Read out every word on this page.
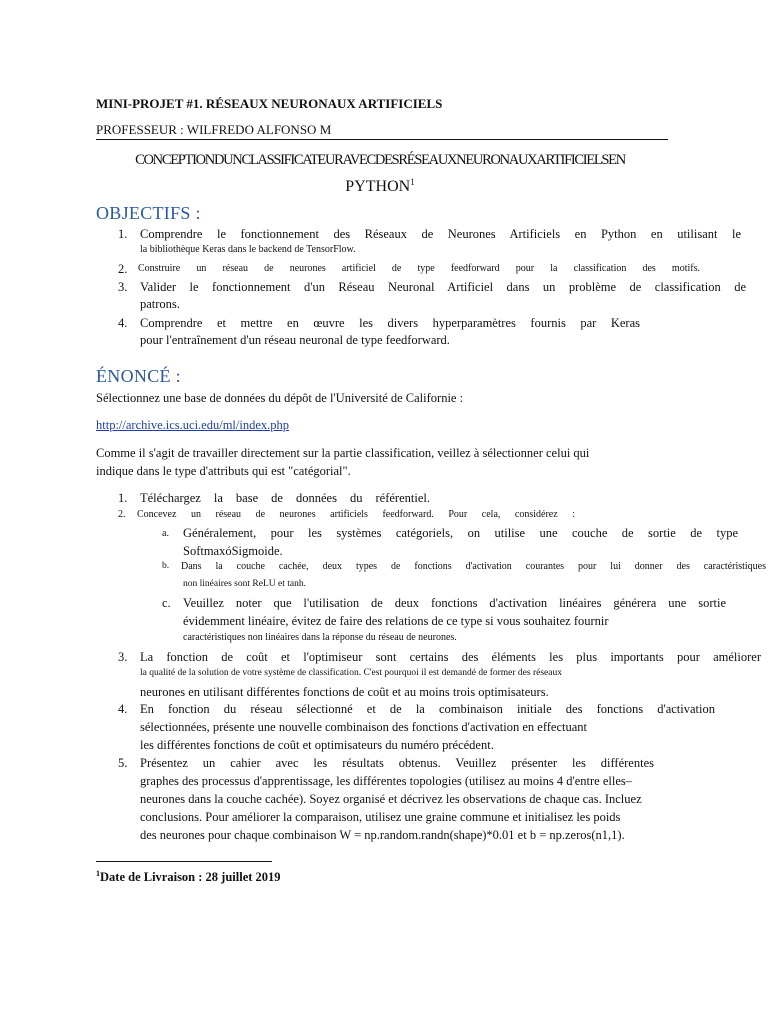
MINI-PROJET #1. RÉSEAUX NEURONAUX ARTIFICIELS
PROFESSEUR : WILFREDO ALFONSO M
CONCEPTIONDUNCLASSIFICATEURAVECDESRÉSEAUXNEURONAUXARTIFICIELSEN
PYTHON$^1$
OBJECTIFS :
1. Comprendre le fonctionnement des Réseaux de Neurones Artificiels en Python en utilisant le
la bibliothèque Keras dans le backend de TensorFlow.
2. Construire un réseau de neurones artificiel de type feedforward pour la classification des motifs.
3. Valider le fonctionnement d'un Réseau Neuronal Artificiel dans un problème de classification de
patrons.
4. Comprendre et mettre en œuvre les divers hyperparamètres fournis par Keras
pour l'entraînement d'un réseau neuronal de type feedforward.
ÉNONCÉ :
Sélectionnez une base de données du dépôt de l'Université de Californie :
http://archive.ics.uci.edu/ml/index.php
Comme il s'agit de travailler directement sur la partie classification, veillez à sélectionner celui qui
indique dans le type d'attributs qui est "catégorial".
1. Téléchargez la base de données du référentiel.
2. Concevez un réseau de neurones artificiels feedforward. Pour cela, considérez :
a. Généralement, pour les systèmes catégoriels, on utilise une couche de sortie de type
SoftmaxóSigmoide.
b. Dans la couche cachée, deux types de fonctions d'activation courantes pour lui donner des caractéristiques
non linéaires sont ReLU et tanh.
c. Veuillez noter que l'utilisation de deux fonctions d'activation linéaires générera une sortie
évidemment linéaire, évitez de faire des relations de ce type si vous souhaitez fournir
caractéristiques non linéaires dans la réponse du réseau de neurones.
3. La fonction de coût et l'optimiseur sont certains des éléments les plus importants pour améliorer
la qualité de la solution de votre système de classification. C'est pourquoi il est demandé de former des réseaux
neurones en utilisant différentes fonctions de coût et au moins trois optimisateurs.
4. En fonction du réseau sélectionné et de la combinaison initiale des fonctions d'activation
sélectionnées, présente une nouvelle combinaison des fonctions d'activation en effectuant
les différentes fonctions de coût et optimisateurs du numéro précédent.
5. Présentez un cahier avec les résultats obtenus. Veuillez présenter les différentes
graphes des processus d'apprentissage, les différentes topologies (utilisez au moins 4 d'entre elles–
neurones dans la couche cachée). Soyez organisé et décrivez les observations de chaque cas. Incluez
conclusions. Pour améliorer la comparaison, utilisez une graine commune et initialisez les poids
des neurones pour chaque combinaison W = np.random.randn(shape)*0.01 et b = np.zeros(n1,1).
$^1$Date de Livraison : 28 juillet 2019
